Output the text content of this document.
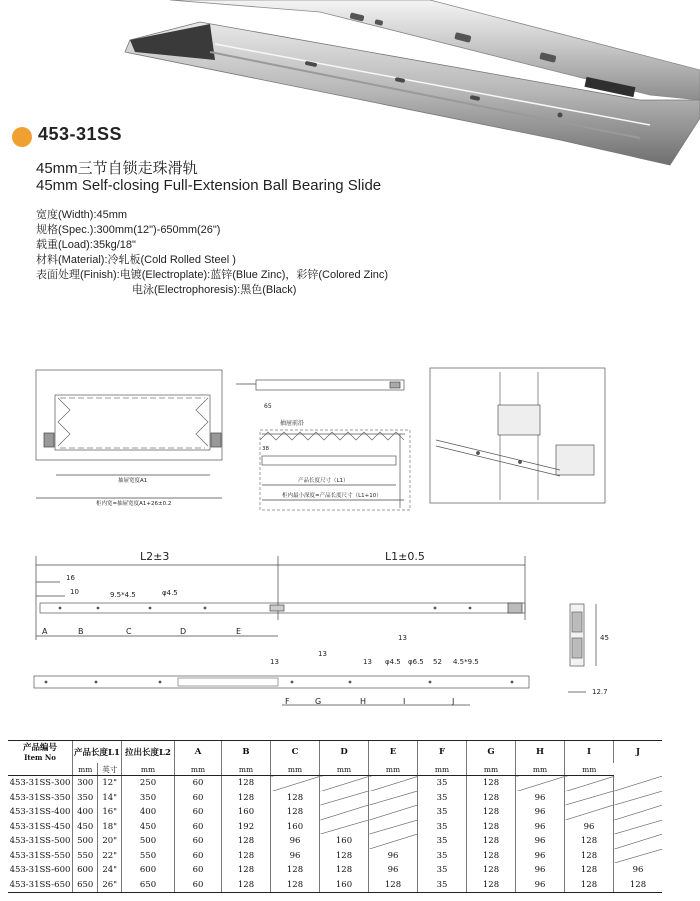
453-31SS
45mm三节自锁走珠滑轨
45mm Self-closing Full-Extension Ball Bearing Slide
宽度(Width):45mm
规格(Spec.):300mm(12")-650mm(26")
载重(Load):35kg/18"
材料(Material):冷轧板(Cold Rolled Steel )
表面处理(Finish):电镀(Electroplate):蓝锌(Blue Zinc)，彩锌(Colored Zinc)
电泳(Electrophoresis):黑色(Black)
抽屉宽度A1
柜内宽=抽屉宽度A1+26±0.2
65
抽屉前沿
38
产品长度尺寸（L1）
柜内最小深度=产品长度尺寸（L1+10）
L2±3	L1±0.5
16
10	9.5*4.5	φ4.5
A	B	C	D	E
13
13
13
13 φ4.5 φ6.5 52 4.5*9.5
F	G	H	I	J
45
12.7
产品编号
Item No	产品长度L1		拉出长度L2	A	B	C	D	E	F	G	H	I	J
	mm	英寸	mm	mm	mm	mm	mm	mm	mm	mm	mm	mm	
453-31SS-300	300	12"	250	60	128				35	128			
453-31SS-350	350	14"	350	60	128	128			35	128	96		
453-31SS-400	400	16"	400	60	160	128			35	128	96		
453-31SS-450	450	18"	450	60	192	160			35	128	96	96	
453-31SS-500	500	20"	500	60	128	96	160		35	128	96	128	
453-31SS-550	550	22"	550	60	128	96	128	96	35	128	96	128	
453-31SS-600	600	24"	600	60	128	128	128	96	35	128	96	128	96
453-31SS-650	650	26"	650	60	128	128	160	128	35	128	96	128	128
